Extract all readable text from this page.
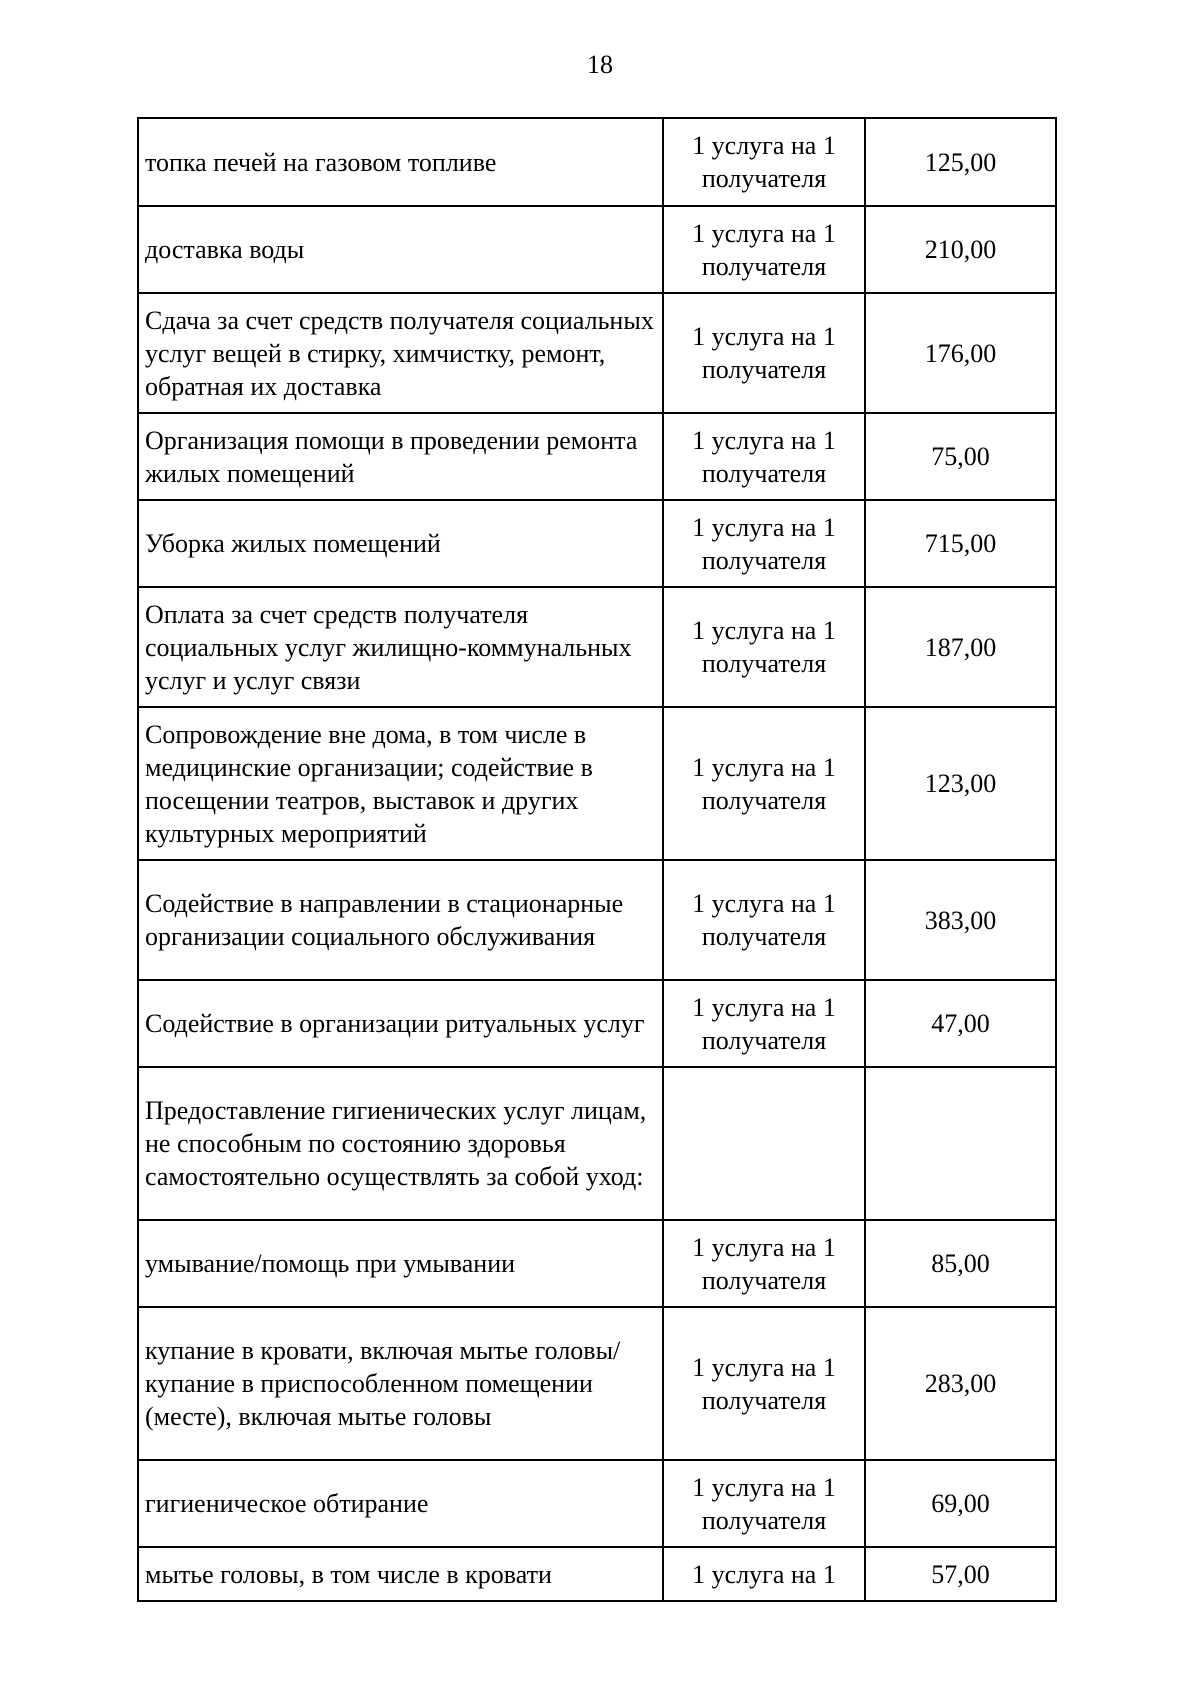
18
топка печей на газовом топливе	1 услуга на 1 получателя	125,00
доставка воды	1 услуга на 1 получателя	210,00
Сдача за счет средств получателя социальных услуг вещей в стирку, химчистку, ремонт, обратная их доставка	1 услуга на 1 получателя	176,00
Организация помощи в проведении ремонта жилых помещений	1 услуга на 1 получателя	75,00
Уборка жилых помещений	1 услуга на 1 получателя	715,00
Оплата за счет средств получателя социальных услуг жилищно-коммунальных услуг и услуг связи	1 услуга на 1 получателя	187,00
Сопровождение вне дома, в том числе в медицинские организации; содействие в посещении театров, выставок и других культурных мероприятий	1 услуга на 1 получателя	123,00
Содействие в направлении в стационарные организации социального обслуживания	1 услуга на 1 получателя	383,00
Содействие в организации ритуальных услуг	1 услуга на 1 получателя	47,00
Предоставление гигиенических услуг лицам, не способным по состоянию здоровья самостоятельно осуществлять за собой уход:		
умывание/помощь при умывании	1 услуга на 1 получателя	85,00
купание в кровати, включая мытье головы/купание в приспособленном помещении (месте), включая мытье головы	1 услуга на 1 получателя	283,00
гигиеническое обтирание	1 услуга на 1 получателя	69,00
мытье головы, в том числе в кровати	1 услуга на 1	57,00
